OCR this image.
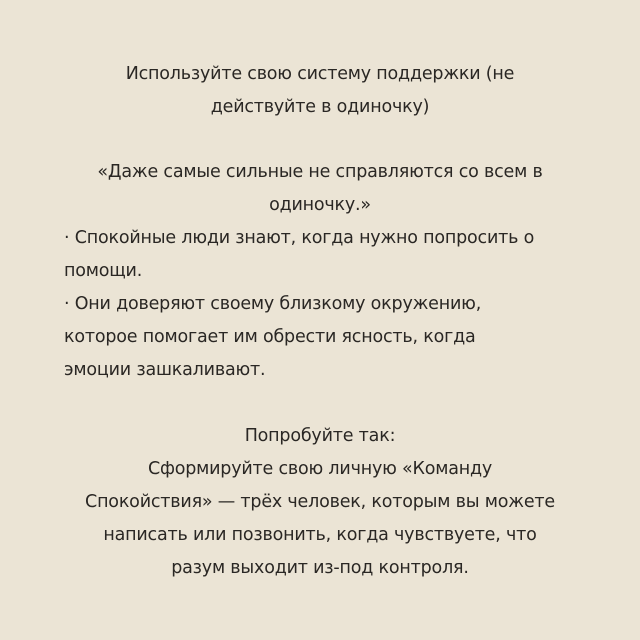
Используйте свою систему поддержки (не

действуйте в одиночку)

«Даже самые сильные не справляются со всем в

одиночку.»

· Спокойные люди знают, когда нужно попросить о

помощи.

· Они доверяют своему близкому окружению,

которое помогает им обрести ясность, когда

эмоции зашкаливают.

Попробуйте так:

Сформируйте свою личную «Команду

Спокойствия» — трёх человек, которым вы можете

написать или позвонить, когда чувствуете, что

разум выходит из-под контроля.
